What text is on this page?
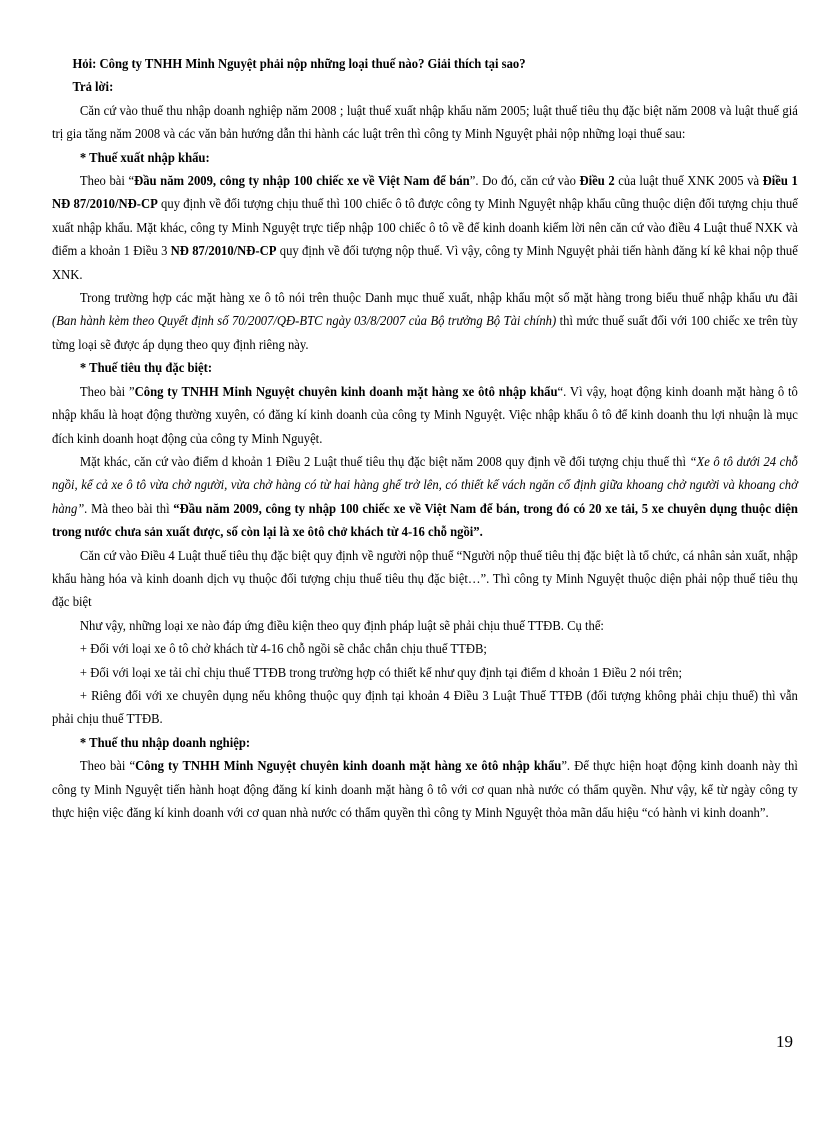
Hỏi: Công ty TNHH Minh Nguyệt phải nộp những loại thuế nào? Giải thích tại sao?

Trả lời:

Căn cứ vào thuế thu nhập doanh nghiệp năm 2008 ; luật thuế xuất nhập khẩu năm 2005; luật thuế tiêu thụ đặc biệt năm 2008 và luật thuế giá trị gia tăng năm 2008 và các văn bản hướng dẫn thi hành các luật trên thì công ty Minh Nguyệt phải nộp những loại thuế sau:

* Thuế xuất nhập khẩu:

Theo bài “Đầu năm 2009, công ty nhập 100 chiếc xe về Việt Nam để bán”. Do đó, căn cứ vào Điều 2 của luật thuế XNK 2005 và Điều 1 NĐ 87/2010/NĐ-CP quy định về đối tượng chịu thuế thì 100 chiếc ô tô được công ty Minh Nguyệt nhập khẩu cũng thuộc diện đối tượng chịu thuế xuất nhập khẩu. Mặt khác, công ty Minh Nguyệt trực tiếp nhập 100 chiếc ô tô về để kinh doanh kiếm lời nên căn cứ vào điều 4 Luật thuế NXK và điểm a khoản 1 Điều 3 NĐ 87/2010/NĐ-CP quy định về đối tượng nộp thuế. Vì vậy, công ty Minh Nguyệt phải tiến hành đăng kí kê khai nộp thuế XNK.

Trong trường hợp các mặt hàng xe ô tô nói trên thuộc Danh mục thuế xuất, nhập khẩu một số mặt hàng trong biểu thuế nhập khẩu ưu đãi (Ban hành kèm theo Quyết định số 70/2007/QĐ-BTC ngày 03/8/2007 của Bộ trưởng Bộ Tài chính) thì mức thuế suất đối với 100 chiếc xe trên tùy từng loại sẽ được áp dụng theo quy định riêng này.

* Thuế tiêu thụ đặc biệt:

Theo bài ”Công ty TNHH Minh Nguyệt chuyên kinh doanh mặt hàng xe ôtô nhập khẩu“. Vì vậy, hoạt động kinh doanh mặt hàng ô tô nhập khẩu là hoạt động thường xuyên, có đăng kí kinh doanh của công ty Minh Nguyệt. Việc nhập khẩu ô tô để kinh doanh thu lợi nhuận là mục đích kinh doanh hoạt động của công ty Minh Nguyệt.

Mặt khác, căn cứ vào điểm d khoản 1 Điều 2 Luật thuế tiêu thụ đặc biệt năm 2008 quy định về đối tượng chịu thuế thì “Xe ô tô dưới 24 chỗ ngồi, kể cả xe ô tô vừa chở người, vừa chở hàng có từ hai hàng ghế trở lên, có thiết kế vách ngăn cố định giữa khoang chở người và khoang chở hàng”. Mà theo bài thì “Đầu năm 2009, công ty nhập 100 chiếc xe về Việt Nam để bán, trong đó có 20 xe tải, 5 xe chuyên dụng thuộc diện trong nước chưa sản xuất được, số còn lại là xe ôtô chở khách từ 4-16 chỗ ngồi”.

Căn cứ vào Điều 4 Luật thuế tiêu thụ đặc biệt quy định về người nộp thuế “Người nộp thuế tiêu thị đặc biệt là tổ chức, cá nhân sản xuất, nhập khẩu hàng hóa và kinh doanh dịch vụ thuộc đối tượng chịu thuế tiêu thụ đặc biệt…”. Thì công ty Minh Nguyệt thuộc diện phải nộp thuế tiêu thụ đặc biệt

Như vậy, những loại xe nào đáp ứng điều kiện theo quy định pháp luật sẽ phải chịu thuế TTĐB. Cụ thể:

+ Đối với loại xe ô tô chở khách từ 4-16 chỗ ngồi sẽ chắc chắn chịu thuế TTĐB;

+ Đối với loại xe tải chỉ chịu thuế TTĐB trong trường hợp có thiết kế như quy định tại điểm d khoản 1 Điều 2 nói trên;

+ Riêng đối với xe chuyên dụng nếu không thuộc quy định tại khoản 4 Điều 3 Luật Thuế TTĐB (đối tượng không phải chịu thuế) thì vẫn phải chịu thuế TTĐB.

* Thuế thu nhập doanh nghiệp:

Theo bài “Công ty TNHH Minh Nguyệt chuyên kinh doanh mặt hàng xe ôtô nhập khẩu”. Để thực hiện hoạt động kinh doanh này thì công ty Minh Nguyệt tiến hành hoạt động đăng kí kinh doanh mặt hàng ô tô với cơ quan nhà nước có thẩm quyền. Như vậy, kể từ ngày công ty thực hiện việc đăng kí kinh doanh với cơ quan nhà nước có thẩm quyền thì công ty Minh Nguyệt thỏa mãn dấu hiệu “có hành vi kinh doanh”.

19
